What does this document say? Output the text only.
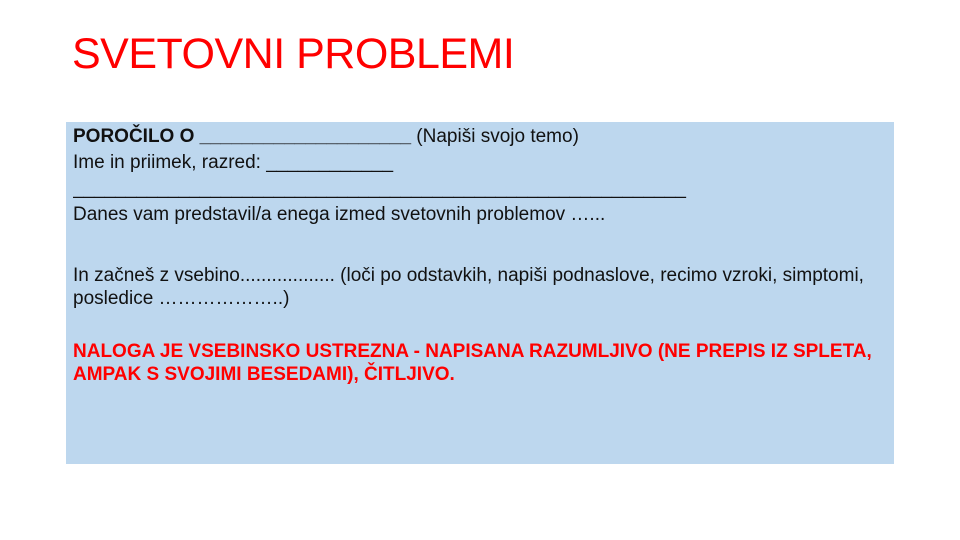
SVETOVNI PROBLEMI
POROČILO O ____________________ (Napiši svojo temo)
Ime in priimek, razred: ____________
__________________________________________________________
Danes vam predstavil/a enega izmed svetovnih problemov …...
In začneš z vsebino.................. (loči po odstavkih, napiši podnaslove, recimo vzroki, simptomi, posledice ………………..)
NALOGA JE VSEBINSKO USTREZNA - NAPISANA RAZUMLJIVO (NE PREPIS IZ SPLETA, AMPAK S SVOJIMI BESEDAMI), ČITLJIVO.
